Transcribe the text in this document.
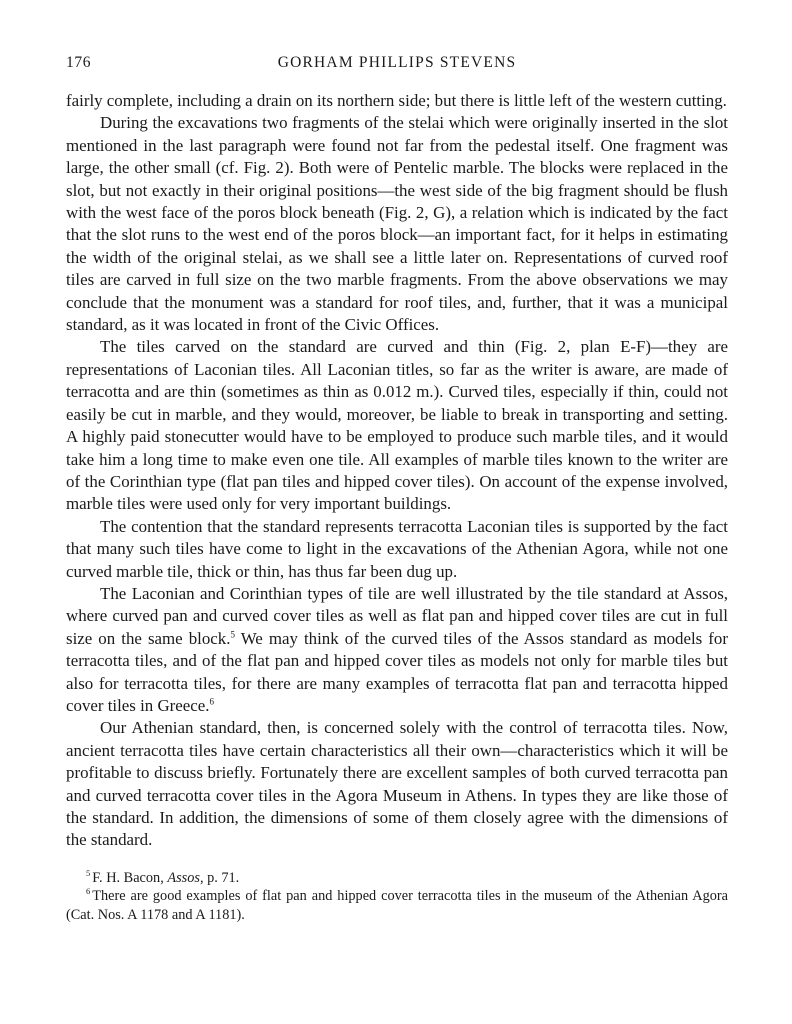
176	GORHAM PHILLIPS STEVENS

fairly complete, including a drain on its northern side; but there is little left of the western cutting.

During the excavations two fragments of the stelai which were originally inserted in the slot mentioned in the last paragraph were found not far from the pedestal itself. One fragment was large, the other small (cf. Fig. 2). Both were of Pentelic marble. The blocks were replaced in the slot, but not exactly in their original positions—the west side of the big fragment should be flush with the west face of the poros block beneath (Fig. 2, G), a relation which is indicated by the fact that the slot runs to the west end of the poros block—an important fact, for it helps in estimating the width of the original stelai, as we shall see a little later on. Representations of curved roof tiles are carved in full size on the two marble fragments. From the above observations we may conclude that the monument was a standard for roof tiles, and, further, that it was a municipal standard, as it was located in front of the Civic Offices.

The tiles carved on the standard are curved and thin (Fig. 2, plan E-F)—they are representations of Laconian tiles. All Laconian titles, so far as the writer is aware, are made of terracotta and are thin (sometimes as thin as 0.012 m.). Curved tiles, especially if thin, could not easily be cut in marble, and they would, moreover, be liable to break in transporting and setting. A highly paid stonecutter would have to be employed to produce such marble tiles, and it would take him a long time to make even one tile. All examples of marble tiles known to the writer are of the Corinthian type (flat pan tiles and hipped cover tiles). On account of the expense involved, marble tiles were used only for very important buildings.

The contention that the standard represents terracotta Laconian tiles is supported by the fact that many such tiles have come to light in the excavations of the Athenian Agora, while not one curved marble tile, thick or thin, has thus far been dug up.

The Laconian and Corinthian types of tile are well illustrated by the tile standard at Assos, where curved pan and curved cover tiles as well as flat pan and hipped cover tiles are cut in full size on the same block.$^5$ We may think of the curved tiles of the Assos standard as models for terracotta tiles, and of the flat pan and hipped cover tiles as models not only for marble tiles but also for terracotta tiles, for there are many examples of terracotta flat pan and terracotta hipped cover tiles in Greece.$^6$

Our Athenian standard, then, is concerned solely with the control of terracotta tiles. Now, ancient terracotta tiles have certain characteristics all their own—characteristics which it will be profitable to discuss briefly. Fortunately there are excellent samples of both curved terracotta pan and curved terracotta cover tiles in the Agora Museum in Athens. In types they are like those of the standard. In addition, the dimensions of some of them closely agree with the dimensions of the standard.

$^5$ F. H. Bacon, Assos, p. 71.

$^6$ There are good examples of flat pan and hipped cover terracotta tiles in the museum of the Athenian Agora (Cat. Nos. A 1178 and A 1181).
